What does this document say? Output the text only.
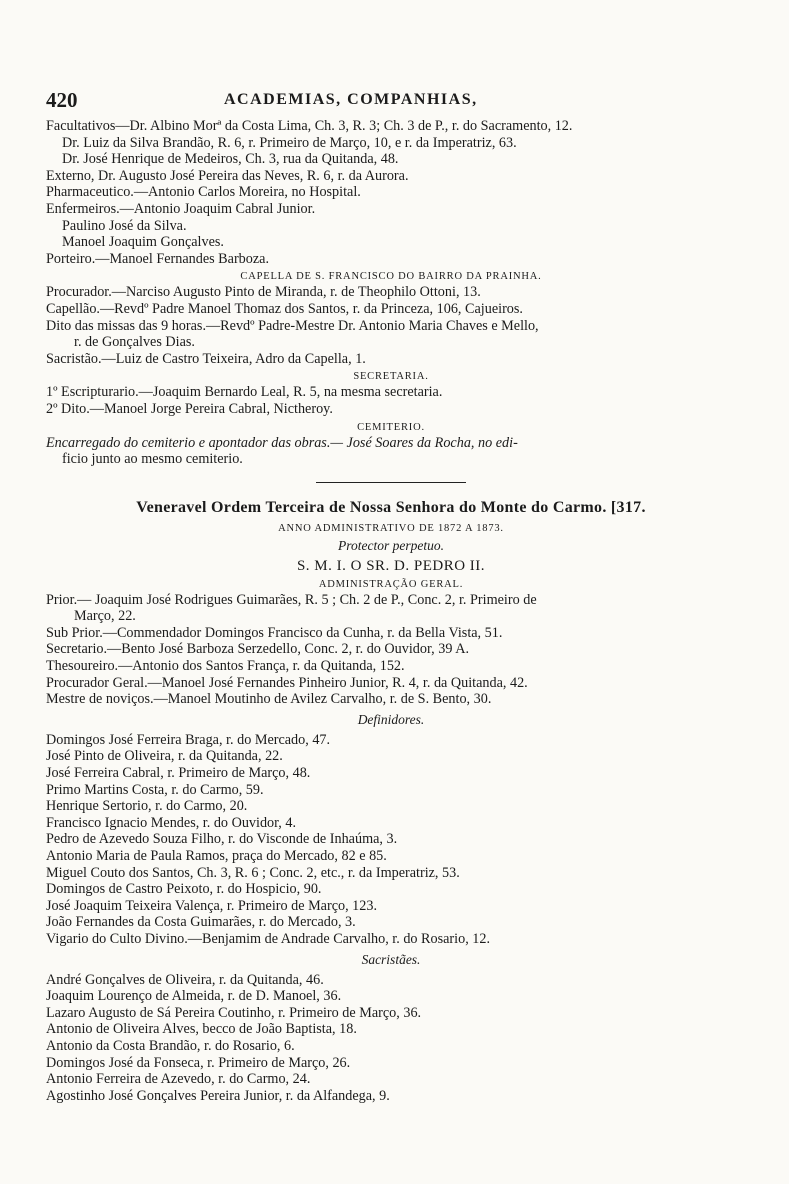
420	ACADEMIAS, COMPANHIAS,
Facultativos—Dr. Albino Morª da Costa Lima, Ch. 3, R. 3; Ch. 3 de P., r. do Sacramento, 12.
Dr. Luiz da Silva Brandão, R. 6, r. Primeiro de Março, 10, e r. da Imperatriz, 63.
Dr. José Henrique de Medeiros, Ch. 3, rua da Quitanda, 48.
Externo, Dr. Augusto José Pereira das Neves, R. 6, r. da Aurora.
Pharmaceutico.—Antonio Carlos Moreira, no Hospital.
Enfermeiros.—Antonio Joaquim Cabral Junior.
Paulino José da Silva.
Manoel Joaquim Gonçalves.
Porteiro.—Manoel Fernandes Barboza.
CAPELLA DE S. FRANCISCO DO BAIRRO DA PRAINHA.
Procurador.—Narciso Augusto Pinto de Miranda, r. de Theophilo Ottoni, 13.
Capellão.—Revdº Padre Manoel Thomaz dos Santos, r. da Princeza, 106, Cajueiros.
Dito das missas das 9 horas.—Revdº Padre-Mestre Dr. Antonio Maria Chaves e Mello,
r. de Gonçalves Dias.
Sacristão.—Luiz de Castro Teixeira, Adro da Capella, 1.
SECRETARIA.
1º Escripturario.—Joaquim Bernardo Leal, R. 5, na mesma secretaria.
2º Dito.—Manoel Jorge Pereira Cabral, Nictheroy.
CEMITERIO.
Encarregado do cemiterio e apontador das obras.— José Soares da Rocha, no edi-
ficio junto ao mesmo cemiterio.
Veneravel Ordem Terceira de Nossa Senhora do Monte do Carmo. [317.
ANNO ADMINISTRATIVO DE 1872 A 1873.
Protector perpetuo.
S. M. I. O SR. D. PEDRO II.
ADMINISTRAÇÃO GERAL.
Prior.— Joaquim José Rodrigues Guimarães, R. 5 ; Ch. 2 de P., Conc. 2, r. Primeiro de
Março, 22.
Sub Prior.—Commendador Domingos Francisco da Cunha, r. da Bella Vista, 51.
Secretario.—Bento José Barboza Serzedello, Conc. 2, r. do Ouvidor, 39 A.
Thesoureiro.—Antonio dos Santos França, r. da Quitanda, 152.
Procurador Geral.—Manoel José Fernandes Pinheiro Junior, R. 4, r. da Quitanda, 42.
Mestre de noviços.—Manoel Moutinho de Avilez Carvalho, r. de S. Bento, 30.
Definidores.
Domingos José Ferreira Braga, r. do Mercado, 47.
José Pinto de Oliveira, r. da Quitanda, 22.
José Ferreira Cabral, r. Primeiro de Março, 48.
Primo Martins Costa, r. do Carmo, 59.
Henrique Sertorio, r. do Carmo, 20.
Francisco Ignacio Mendes, r. do Ouvidor, 4.
Pedro de Azevedo Souza Filho, r. do Visconde de Inhaúma, 3.
Antonio Maria de Paula Ramos, praça do Mercado, 82 e 85.
Miguel Couto dos Santos, Ch. 3, R. 6 ; Conc. 2, etc., r. da Imperatriz, 53.
Domingos de Castro Peixoto, r. do Hospicio, 90.
José Joaquim Teixeira Valença, r. Primeiro de Março, 123.
João Fernandes da Costa Guimarães, r. do Mercado, 3.
Vigario do Culto Divino.—Benjamim de Andrade Carvalho, r. do Rosario, 12.
Sacristães.
André Gonçalves de Oliveira, r. da Quitanda, 46.
Joaquim Lourenço de Almeida, r. de D. Manoel, 36.
Lazaro Augusto de Sá Pereira Coutinho, r. Primeiro de Março, 36.
Antonio de Oliveira Alves, becco de João Baptista, 18.
Antonio da Costa Brandão, r. do Rosario, 6.
Domingos José da Fonseca, r. Primeiro de Março, 26.
Antonio Ferreira de Azevedo, r. do Carmo, 24.
Agostinho José Gonçalves Pereira Junior, r. da Alfandega, 9.
